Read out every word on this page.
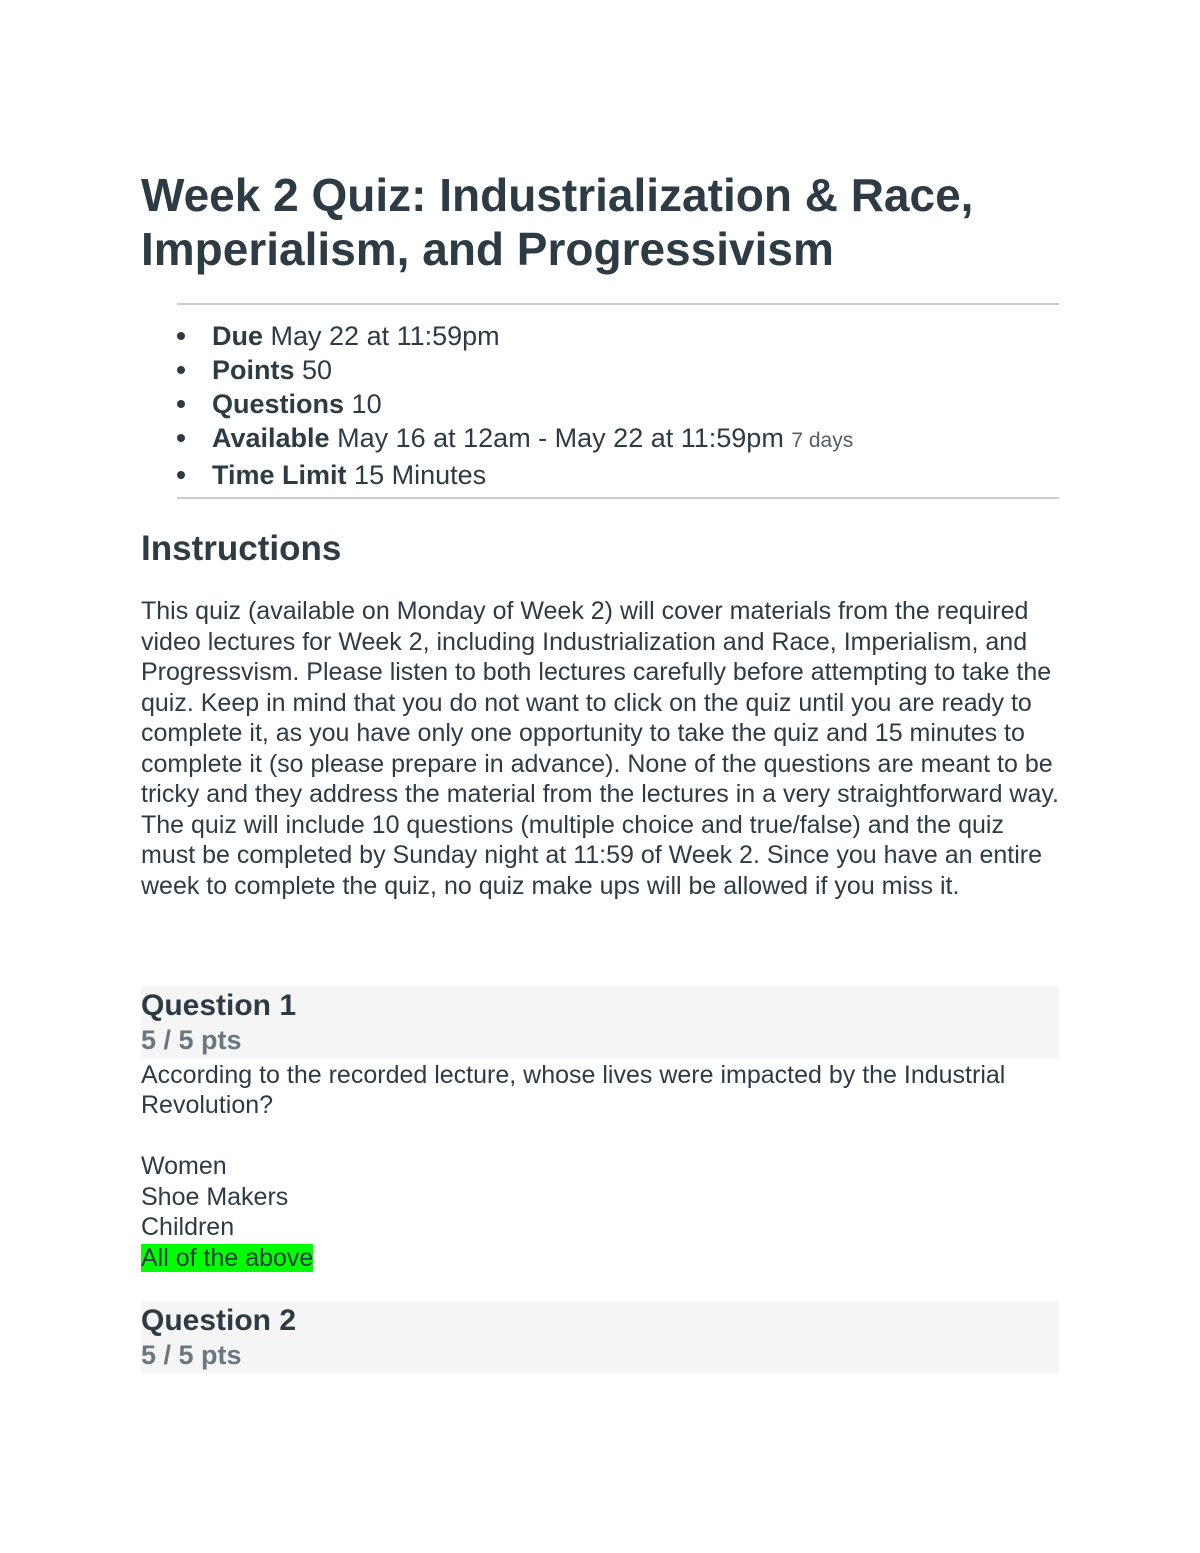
Week 2 Quiz: Industrialization & Race, Imperialism, and Progressivism
Due May 22 at 11:59pm
Points 50
Questions 10
Available May 16 at 12am - May 22 at 11:59pm 7 days
Time Limit 15 Minutes
Instructions

This quiz (available on Monday of Week 2) will cover materials from the required video lectures for Week 2, including Industrialization and Race, Imperialism, and Progressvism. Please listen to both lectures carefully before attempting to take the quiz. Keep in mind that you do not want to click on the quiz until you are ready to complete it, as you have only one opportunity to take the quiz and 15 minutes to complete it (so please prepare in advance). None of the questions are meant to be tricky and they address the material from the lectures in a very straightforward way. The quiz will include 10 questions (multiple choice and true/false) and the quiz must be completed by Sunday night at 11:59 of Week 2. Since you have an entire week to complete the quiz, no quiz make ups will be allowed if you miss it.

Question 1
5 / 5 pts

According to the recorded lecture, whose lives were impacted by the Industrial Revolution?

Women
Shoe Makers
Children
All of the above
Question 2
5 / 5 pts
